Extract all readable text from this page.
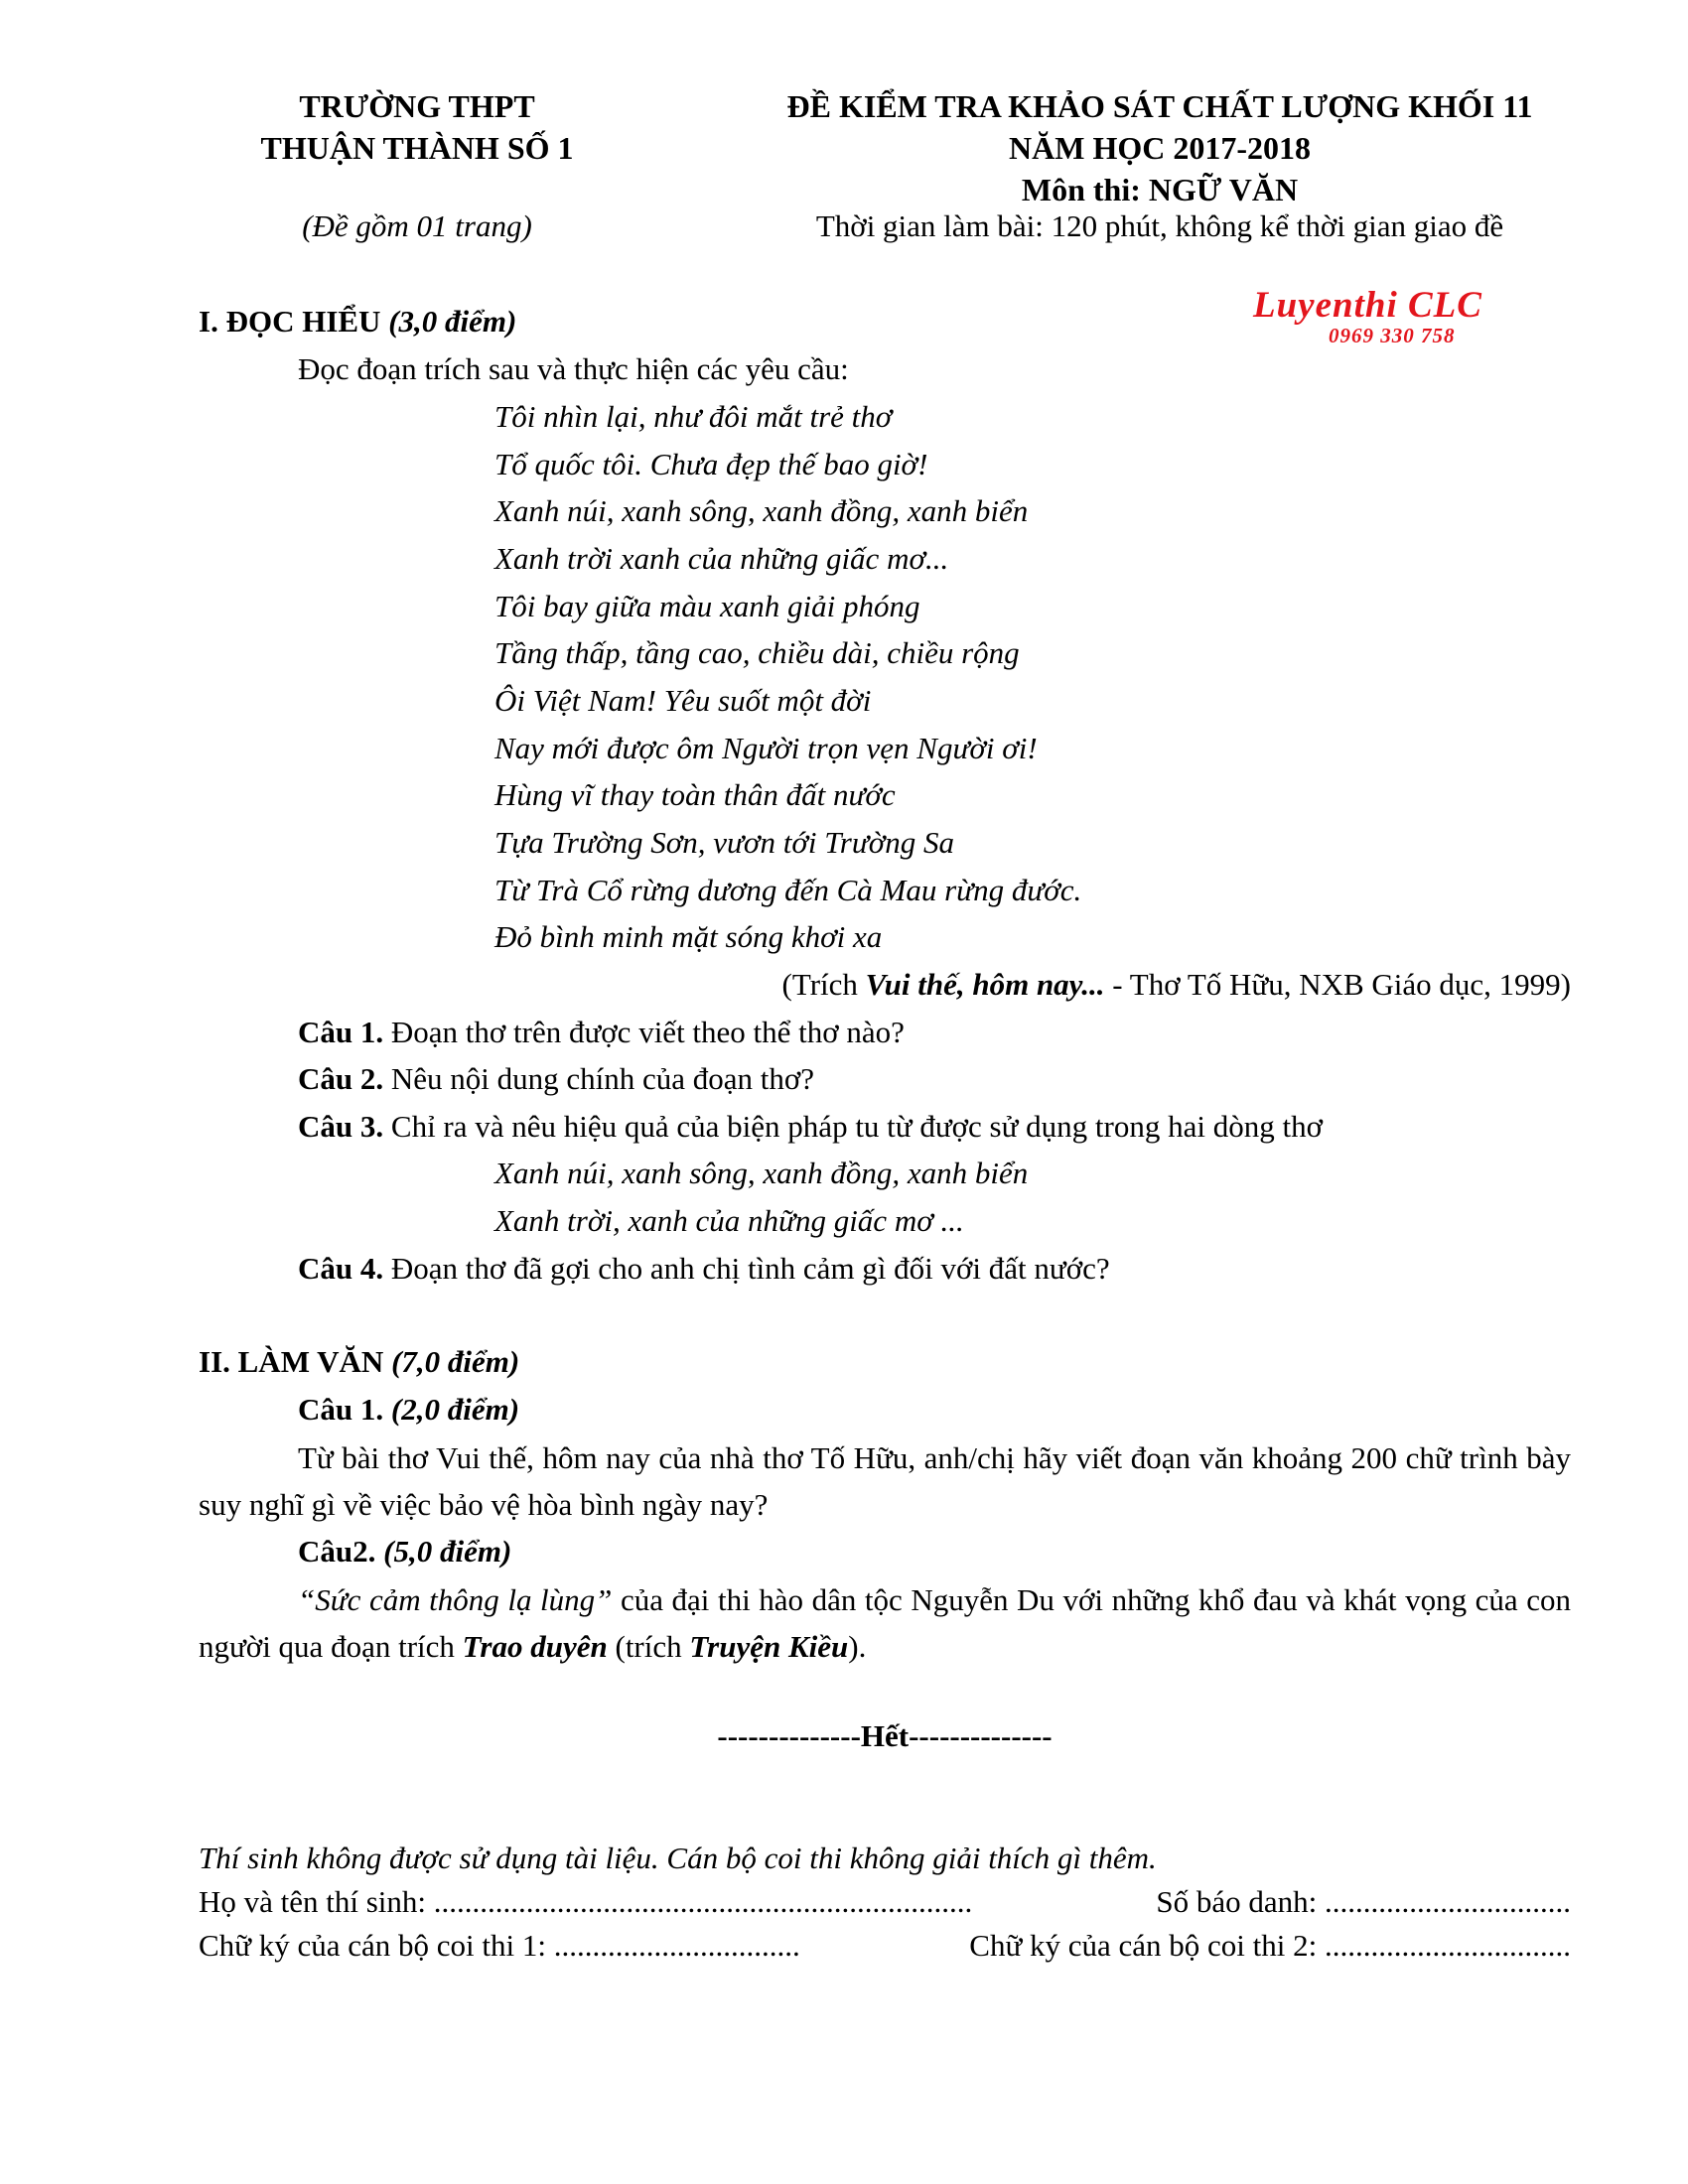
TRƯỜNG THPT
THUẬN THÀNH SỐ 1
(Đề gồm 01 trang)
ĐỀ KIỂM TRA KHẢO SÁT CHẤT LƯỢNG KHỐI 11
NĂM HỌC 2017-2018
Môn thi: NGỮ VĂN
Thời gian làm bài: 120 phút, không kể thời gian giao đề
Luyenthi CLC
0969 330 758
I. ĐỌC HIỂU (3,0 điểm)
Đọc đoạn trích sau và thực hiện các yêu cầu:
Tôi nhìn lại, như đôi mắt trẻ thơ
Tổ quốc tôi. Chưa đẹp thế bao giờ!
Xanh núi, xanh sông, xanh đồng, xanh biển
Xanh trời xanh của những giấc mơ...
Tôi bay giữa màu xanh giải phóng
Tầng thấp, tầng cao, chiều dài, chiều rộng
Ôi Việt Nam! Yêu suốt một đời
Nay mới được ôm Người trọn vẹn Người ơi!
Hùng vĩ thay toàn thân đất nước
Tựa Trường Sơn, vươn tới Trường Sa
Từ Trà Cổ rừng dương đến Cà Mau rừng đước.
Đỏ bình minh mặt sóng khơi xa
(Trích Vui thế, hôm nay... - Thơ Tố Hữu, NXB Giáo dục, 1999)
Câu 1. Đoạn thơ trên được viết theo thể thơ nào?
Câu 2. Nêu nội dung chính của đoạn thơ?
Câu 3. Chỉ ra và nêu hiệu quả của biện pháp tu từ được sử dụng trong hai dòng thơ
Xanh núi, xanh sông, xanh đồng, xanh biển
Xanh trời, xanh của những giấc mơ ...
Câu 4. Đoạn thơ đã gợi cho anh chị tình cảm gì đối với đất nước?
II. LÀM VĂN (7,0 điểm)
Câu 1. (2,0 điểm)
Từ bài thơ Vui thế, hôm nay của nhà thơ Tố Hữu, anh/chị hãy viết đoạn văn khoảng 200 chữ trình bày suy nghĩ gì về việc bảo vệ hòa bình ngày nay?
Câu2. (5,0 điểm)
“Sức cảm thông lạ lùng” của đại thi hào dân tộc Nguyễn Du với những khổ đau và khát vọng của con người qua đoạn trích Trao duyên (trích Truyện Kiều).
--------------Hết--------------
Thí sinh không được sử dụng tài liệu. Cán bộ coi thi không giải thích gì thêm.
Họ và tên thí sinh: ......................................................................	Số báo danh: ................................
Chữ ký của cán bộ coi thi 1: ................................	Chữ ký của cán bộ coi thi 2: ................................
